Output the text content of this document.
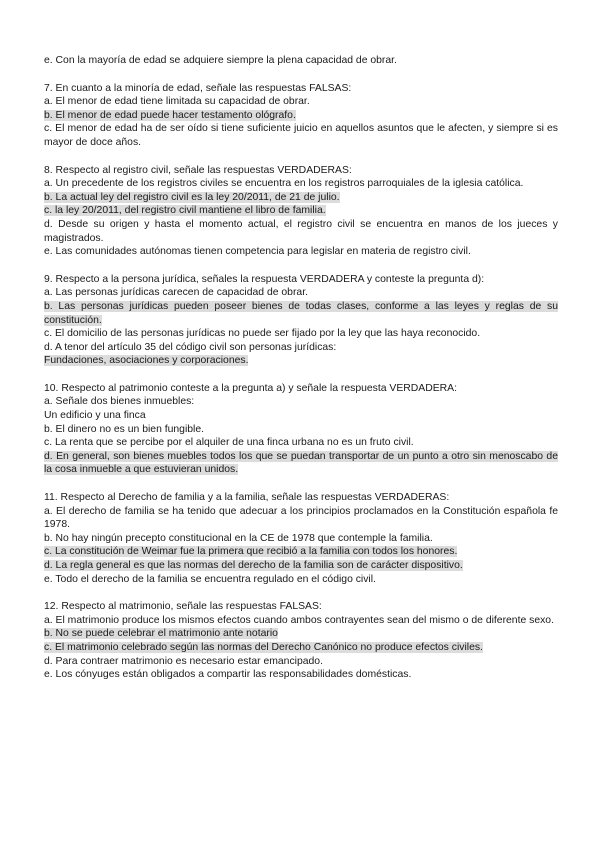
e. Con la mayoría de edad se adquiere siempre la plena capacidad de obrar.

7. En cuanto a la minoría de edad, señale las respuestas FALSAS:

a. El menor de edad tiene limitada su capacidad de obrar.

b. El menor de edad puede hacer testamento ológrafo.

c. El menor de edad ha de ser oído si tiene suficiente juicio en aquellos asuntos que le afecten, y siempre si es mayor de doce años.

8. Respecto al registro civil, señale las respuestas VERDADERAS:

a. Un precedente de los registros civiles se encuentra en los registros parroquiales de la iglesia católica.

b. La actual ley del registro civil es la ley 20/2011, de 21 de julio.

c. la ley 20/2011, del registro civil mantiene el libro de familia.

d. Desde su origen y hasta el momento actual, el registro civil se encuentra en manos de los jueces y magistrados.

e. Las comunidades autónomas tienen competencia para legislar en materia de registro civil.

9. Respecto a la persona jurídica, señales la respuesta VERDADERA y conteste la pregunta d):

a. Las personas jurídicas carecen de capacidad de obrar.

b. Las personas jurídicas pueden poseer bienes de todas clases, conforme a las leyes y reglas de su constitución.

c. El domicilio de las personas jurídicas no puede ser fijado por la ley que las haya reconocido.

d. A tenor del artículo 35 del código civil son personas jurídicas:

Fundaciones, asociaciones y corporaciones.

10. Respecto al patrimonio conteste a la pregunta a) y señale la respuesta VERDADERA:

a. Señale dos bienes inmuebles:

Un edificio y una finca

b. El dinero no es un bien fungible.

c. La renta que se percibe por el alquiler de una finca urbana no es un fruto civil.

d. En general, son bienes muebles todos los que se puedan transportar de un punto a otro sin menoscabo de la cosa inmueble a que estuvieran unidos.

11. Respecto al Derecho de familia y a la familia, señale las respuestas VERDADERAS:

a. El derecho de familia se ha tenido que adecuar a los principios proclamados en la Constitución española fe 1978.

b. No hay ningún precepto constitucional en la CE de 1978 que contemple la familia.

c. La constitución de Weimar fue la primera que recibió a la familia con todos los honores.

d. La regla general es que las normas del derecho de la familia son de carácter dispositivo.

e. Todo el derecho de la familia se encuentra regulado en el código civil.

12. Respecto al matrimonio, señale las respuestas FALSAS:

a. El matrimonio produce los mismos efectos cuando ambos contrayentes sean del mismo o de diferente sexo.

b. No se puede celebrar el matrimonio ante notario

c. El matrimonio celebrado según las normas del Derecho Canónico no produce efectos civiles.

d. Para contraer matrimonio es necesario estar emancipado.

e. Los cónyuges están obligados a compartir las responsabilidades domésticas.
